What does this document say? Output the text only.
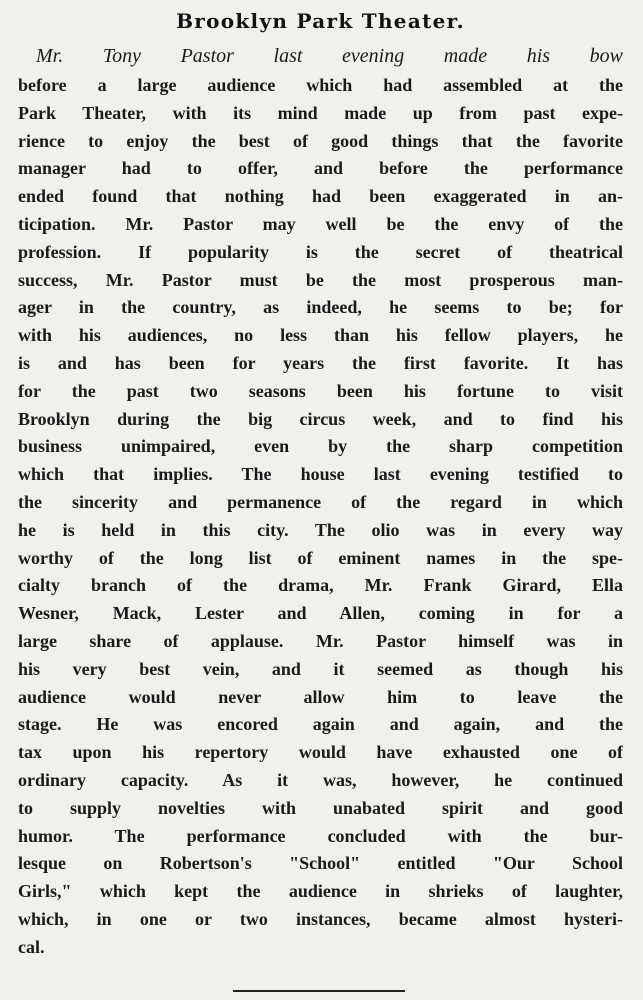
Brooklyn Park Theater.
Mr. Tony Pastor last evening made his bow
before a large audience which had assembled at the
Park Theater, with its mind made up from past expe-
rience to enjoy the best of good things that the favorite
manager had to offer, and before the performance
ended found that nothing had been exaggerated in an-
ticipation. Mr. Pastor may well be the envy of the
profession. If popularity is the secret of theatrical
success, Mr. Pastor must be the most prosperous man-
ager in the country, as indeed, he seems to be; for
with his audiences, no less than his fellow players, he
is and has been for years the first favorite. It has
for the past two seasons been his fortune to visit
Brooklyn during the big circus week, and to find his
business unimpaired, even by the sharp competition
which that implies. The house last evening testified to
the sincerity and permanence of the regard in which
he is held in this city. The olio was in every way
worthy of the long list of eminent names in the spe-
cialty branch of the drama, Mr. Frank Girard, Ella
Wesner, Mack, Lester and Allen, coming in for a
large share of applause. Mr. Pastor himself was in
his very best vein, and it seemed as though his
audience would never allow him to leave the
stage. He was encored again and again, and the
tax upon his repertory would have exhausted one of
ordinary capacity. As it was, however, he continued
to supply novelties with unabated spirit and good
humor. The performance concluded with the bur-
lesque on Robertson's "School" entitled "Our School
Girls," which kept the audience in shrieks of laughter,
which, in one or two instances, became almost hysteri-
cal.
